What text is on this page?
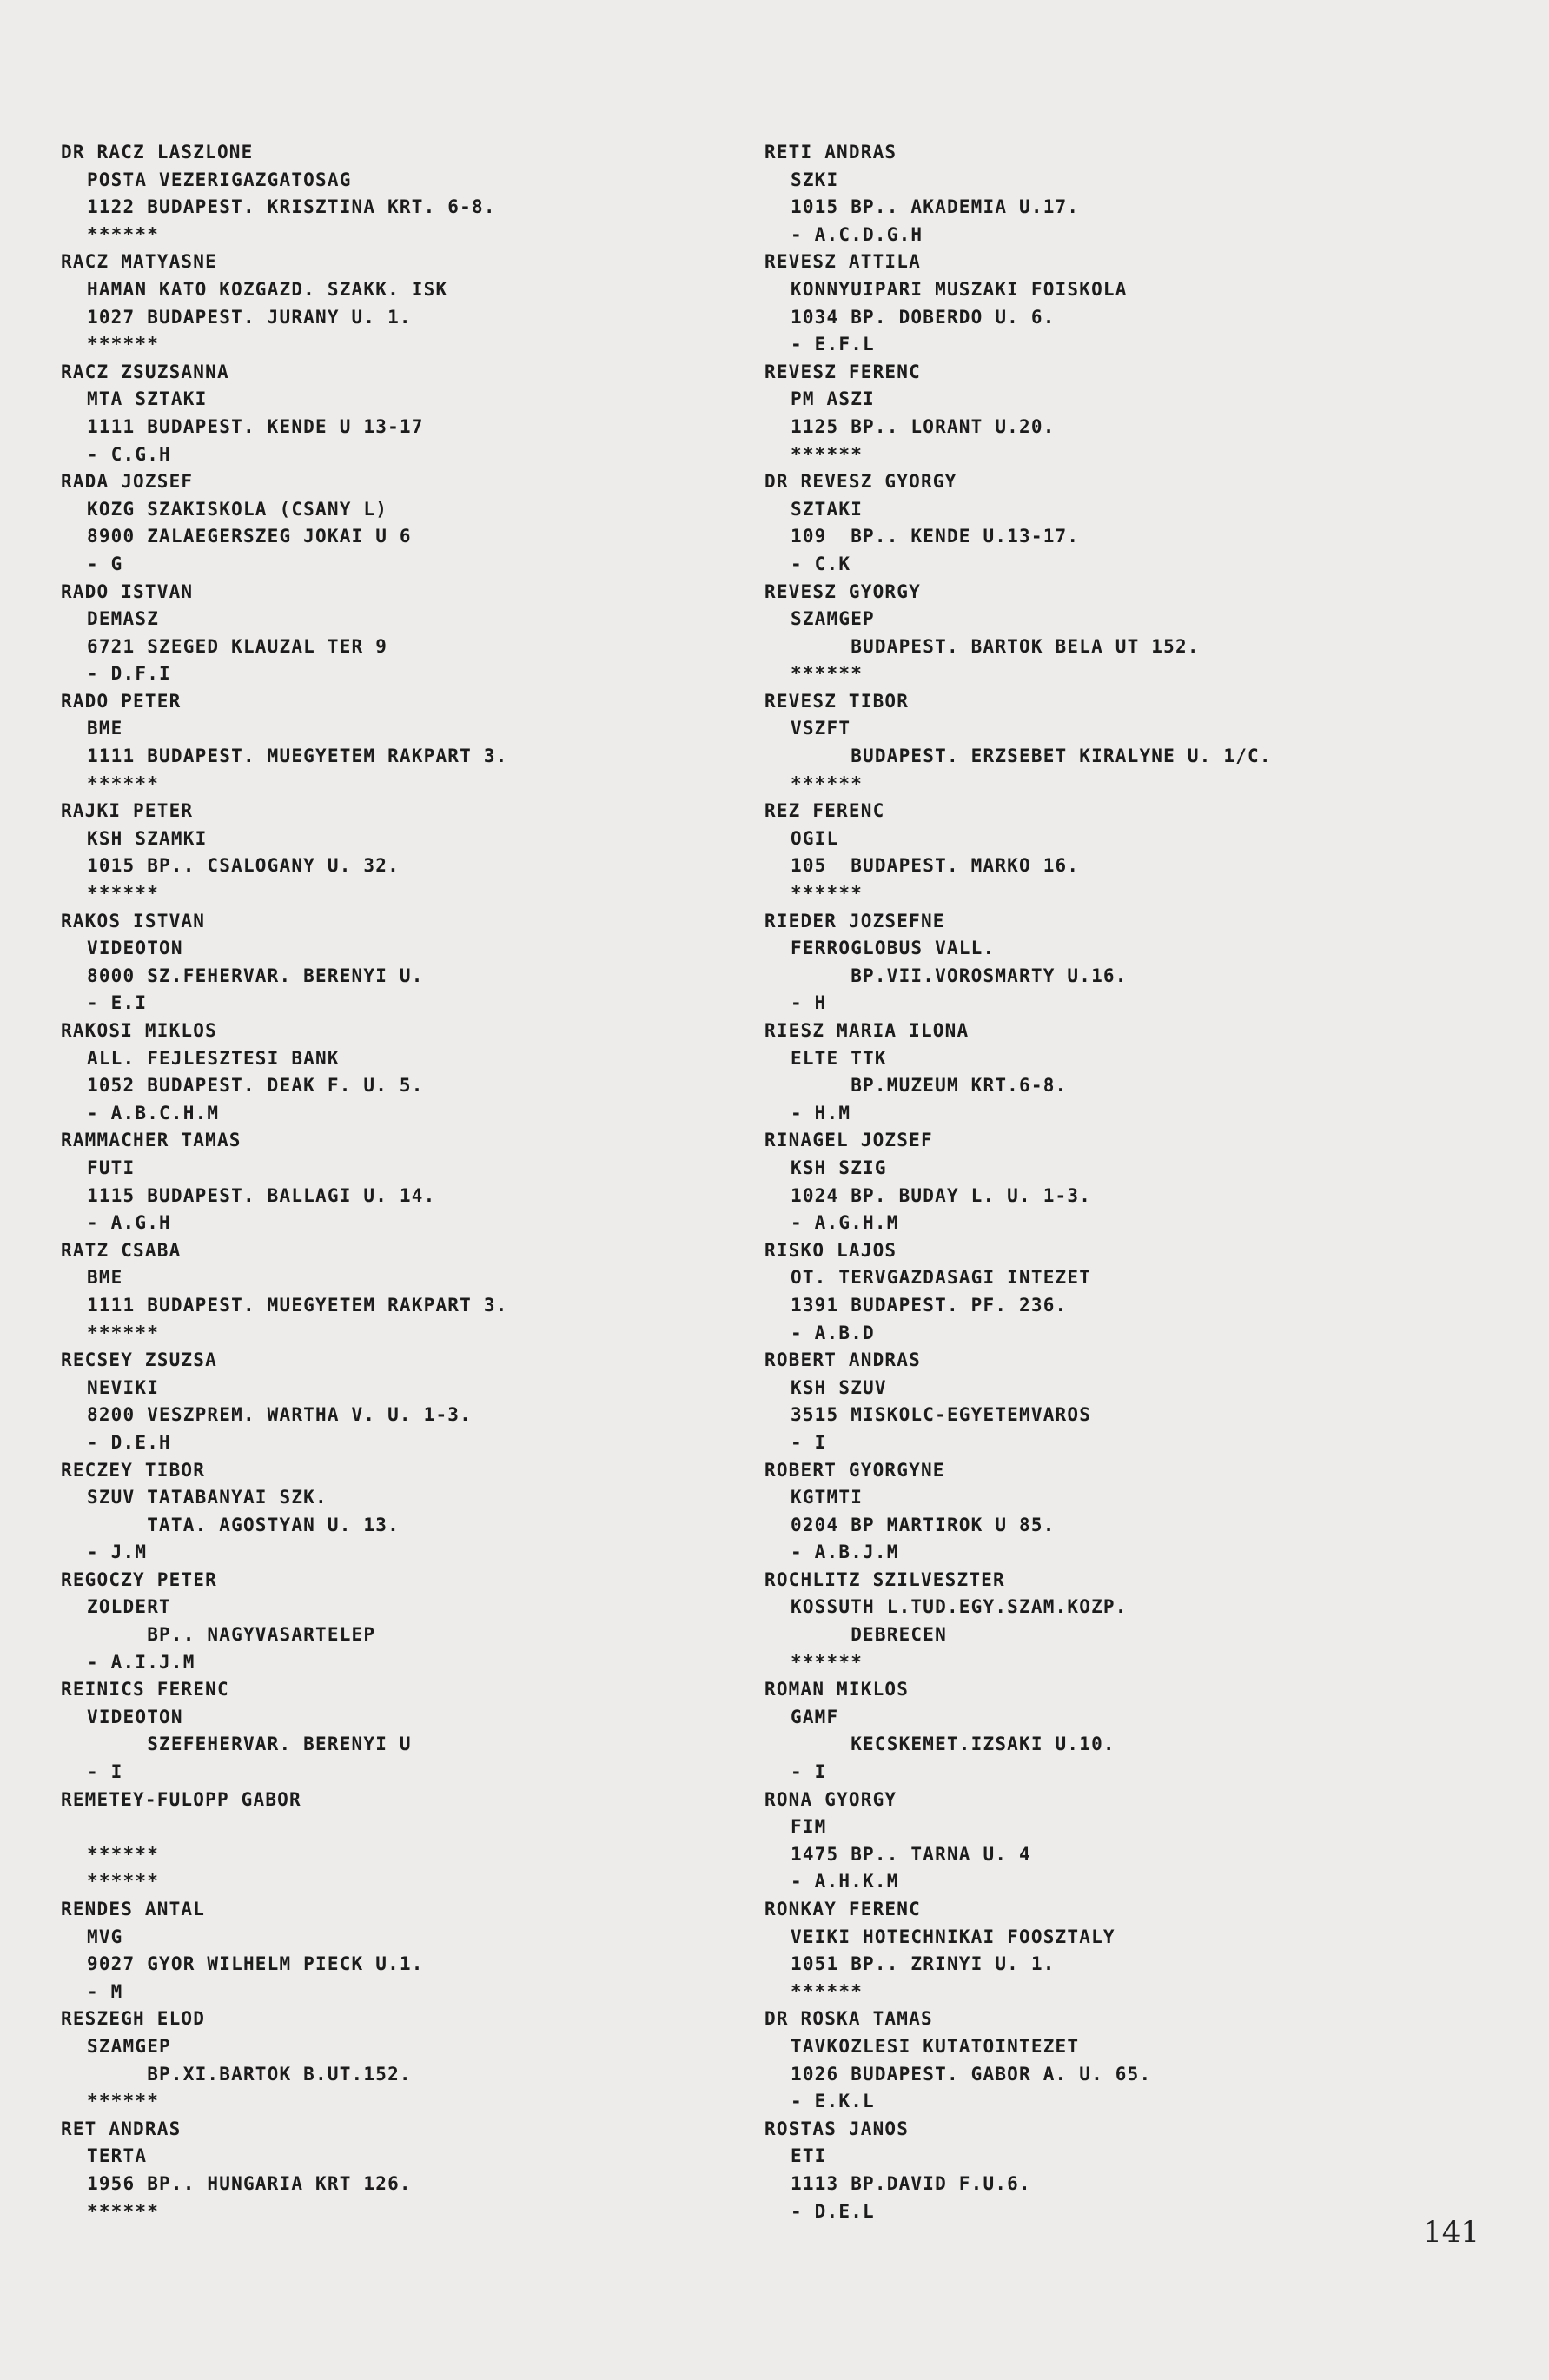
DR RACZ LASZLONE
POSTA VEZERIGAZGATOSAG
1122 BUDAPEST. KRISZTINA KRT. 6-8.
******
RACZ MATYASNE
HAMAN KATO KOZGAZD. SZAKK. ISK
1027 BUDAPEST. JURANY U. 1.
******
RACZ ZSUZSANNA
MTA SZTAKI
1111 BUDAPEST. KENDE U 13-17
- C.G.H
RADA JOZSEF
KOZG SZAKISKOLA (CSANY L)
8900 ZALAEGERSZEG JOKAI U 6
- G
RADO ISTVAN
DEMASZ
6721 SZEGED KLAUZAL TER 9
- D.F.I
RADO PETER
BME
1111 BUDAPEST. MUEGYETEM RAKPART 3.
******
RAJKI PETER
KSH SZAMKI
1015 BP.. CSALOGANY U. 32.
******
RAKOS ISTVAN
VIDEOTON
8000 SZ.FEHERVAR. BERENYI U.
- E.I
RAKOSI MIKLOS
ALL. FEJLESZTESI BANK
1052 BUDAPEST. DEAK F. U. 5.
- A.B.C.H.M
RAMMACHER TAMAS
FUTI
1115 BUDAPEST. BALLAGI U. 14.
- A.G.H
RATZ CSABA
BME
1111 BUDAPEST. MUEGYETEM RAKPART 3.
******
RECSEY ZSUZSA
NEVIKI
8200 VESZPREM. WARTHA V. U. 1-3.
- D.E.H
RECZEY TIBOR
SZUV TATABANYAI SZK.
TATA. AGOSTYAN U. 13.
- J.M
REGOCZY PETER
ZOLDERT
BP.. NAGYVASARTELEP
- A.I.J.M
REINICS FERENC
VIDEOTON
SZEFEHERVAR. BERENYI U
- I
REMETEY-FULOPP GABOR
******
******
RENDES ANTAL
MVG
9027 GYOR WILHELM PIECK U.1.
- M
RESZEGH ELOD
SZAMGEP
BP.XI.BARTOK B.UT.152.
******
RET ANDRAS
TERTA
1956 BP.. HUNGARIA KRT 126.
******
RETI ANDRAS
SZKI
1015 BP.. AKADEMIA U.17.
- A.C.D.G.H
REVESZ ATTILA
KONNYUIPARI MUSZAKI FOISKOLA
1034 BP. DOBERDO U. 6.
- E.F.L
REVESZ FERENC
PM ASZI
1125 BP.. LORANT U.20.
******
DR REVESZ GYORGY
SZTAKI
109  BP.. KENDE U.13-17.
- C.K
REVESZ GYORGY
SZAMGEP
BUDAPEST. BARTOK BELA UT 152.
******
REVESZ TIBOR
VSZFT
BUDAPEST. ERZSEBET KIRALYNE U. 1/C.
******
REZ FERENC
OGIL
105  BUDAPEST. MARKO 16.
******
RIEDER JOZSEFNE
FERROGLOBUS VALL.
BP.VII.VOROSMARTY U.16.
- H
RIESZ MARIA ILONA
ELTE TTK
BP.MUZEUM KRT.6-8.
- H.M
RINAGEL JOZSEF
KSH SZIG
1024 BP. BUDAY L. U. 1-3.
- A.G.H.M
RISKO LAJOS
OT. TERVGAZDASAGI INTEZET
1391 BUDAPEST. PF. 236.
- A.B.D
ROBERT ANDRAS
KSH SZUV
3515 MISKOLC-EGYETEMVAROS
- I
ROBERT GYORGYNE
KGTMTI
0204 BP MARTIROK U 85.
- A.B.J.M
ROCHLITZ SZILVESZTER
KOSSUTH L.TUD.EGY.SZAM.KOZP.
DEBRECEN
******
ROMAN MIKLOS
GAMF
KECSKEMET.IZSAKI U.10.
- I
RONA GYORGY
FIM
1475 BP.. TARNA U. 4
- A.H.K.M
RONKAY FERENC
VEIKI HOTECHNIKAI FOOSZTALY
1051 BP.. ZRINYI U. 1.
******
DR ROSKA TAMAS
TAVKOZLESI KUTATOINTEZET
1026 BUDAPEST. GABOR A. U. 65.
- E.K.L
ROSTAS JANOS
ETI
1113 BP.DAVID F.U.6.
- D.E.L
141
